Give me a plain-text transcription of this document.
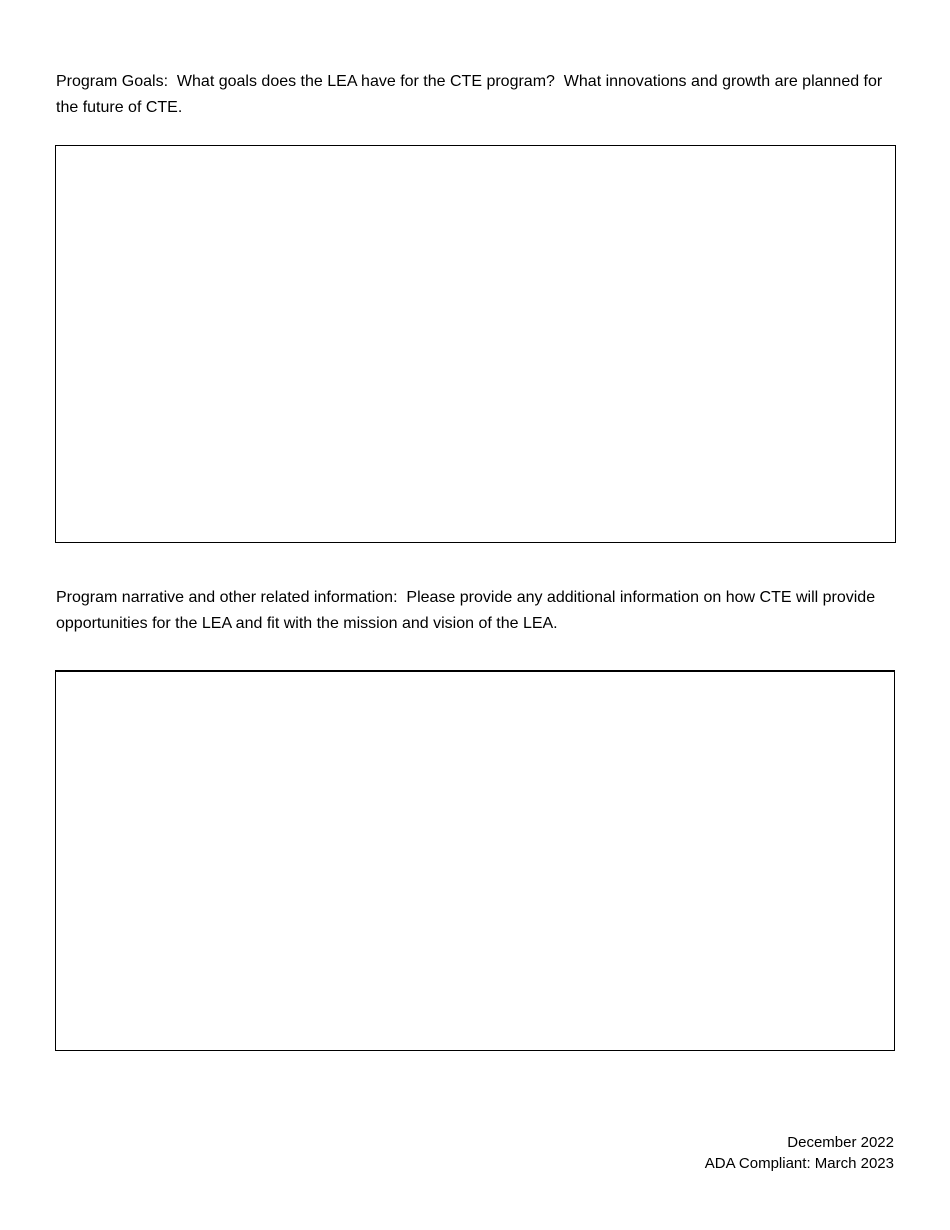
Program Goals:  What goals does the LEA have for the CTE program?  What innovations and growth are planned for the future of CTE.

Program narrative and other related information:  Please provide any additional information on how CTE will provide opportunities for the LEA and fit with the mission and vision of the LEA.

December 2022
ADA Compliant: March 2023
